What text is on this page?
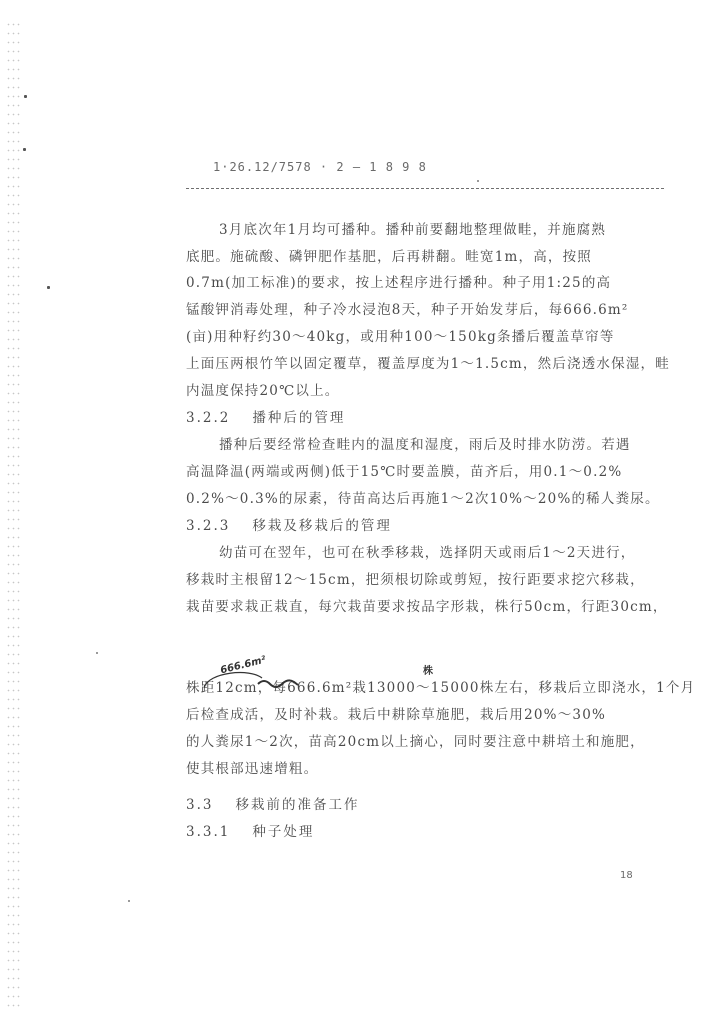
1·26.12/7578 · 2 — 1 8 9 8
3月底次年1月均可播种。播种前要翻地整理做畦，并施腐熟
底肥。施硫酸、磷钾肥作基肥，后再耕翻。畦宽1m，高，按照
0.7m(加工标准)的要求，按上述程序进行播种。种子用1:25的高
锰酸钾消毒处理，种子冷水浸泡8天，种子开始发芽后，每666.6m²
(亩)用种籽约30～40kg，或用种100～150kg条播后覆盖草帘等
上面压两根竹竿以固定覆草，覆盖厚度为1～1.5cm，然后浇透水保湿，畦
内温度保持20℃以上。
3.2.2 播种后的管理
播种后要经常检查畦内的温度和湿度，雨后及时排水防涝。若遇
高温降温(两端或两侧)低于15℃时要盖膜，苗齐后，用0.1～0.2%
0.2%～0.3%的尿素，待苗高达后再施1～2次10%～20%的稀人粪尿。
3.2.3 移栽及移栽后的管理
幼苗可在翌年，也可在秋季移栽，选择阴天或雨后1～2天进行，
移栽时主根留12～15cm，把须根切除或剪短，按行距要求挖穴移栽，
栽苗要求栽正栽直，每穴栽苗要求按品字形栽，株行50cm，行距30cm，
株距12cm，每666.6m²栽13000～15000株左右，移栽后立即浇水，1个月
后检查成活，及时补栽。栽后中耕除草施肥，栽后用20%～30%
的人粪尿1～2次，苗高20cm以上摘心，同时要注意中耕培土和施肥，
使其根部迅速增粗。
3.3 移栽前的准备工作
3.3.1 种子处理
666.6m²	株
18
